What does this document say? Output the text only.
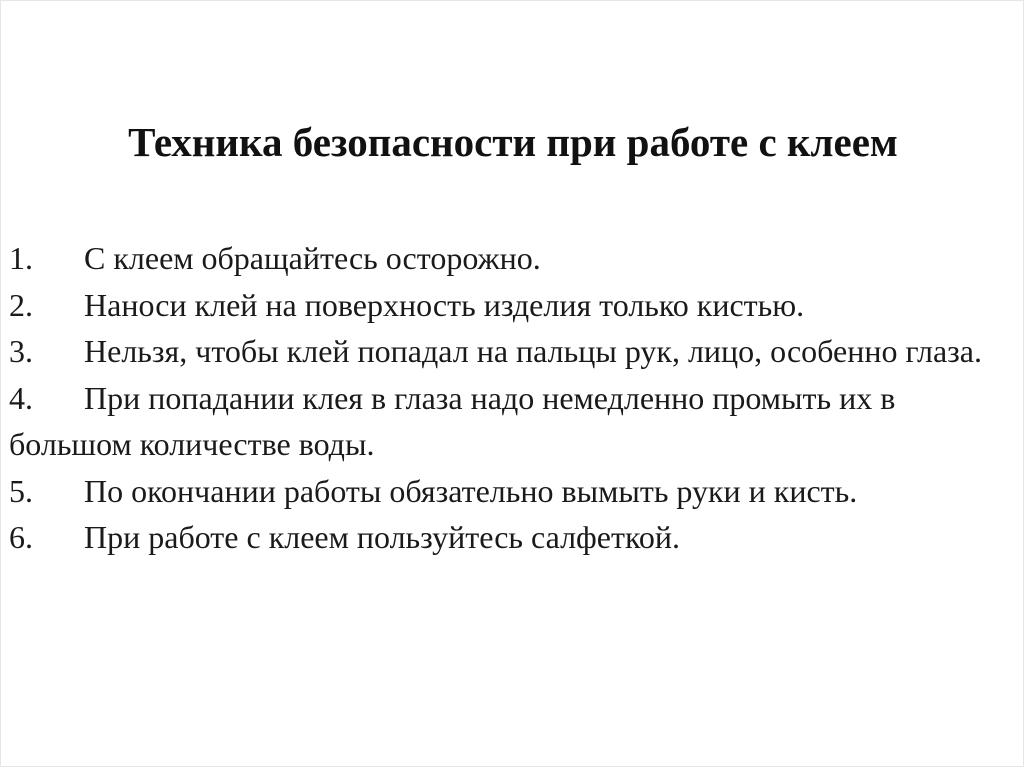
Техника безопасности при работе с клеем
1. С клеем обращайтесь осторожно.
2. Наноси клей на поверхность изделия только кистью.
3. Нельзя, чтобы клей попадал на пальцы рук, лицо, особенно глаза.
4. При попадании клея в глаза надо немедленно промыть их в большом количестве воды.
5. По окончании работы обязательно вымыть руки и кисть.
6. При работе с клеем пользуйтесь салфеткой.
